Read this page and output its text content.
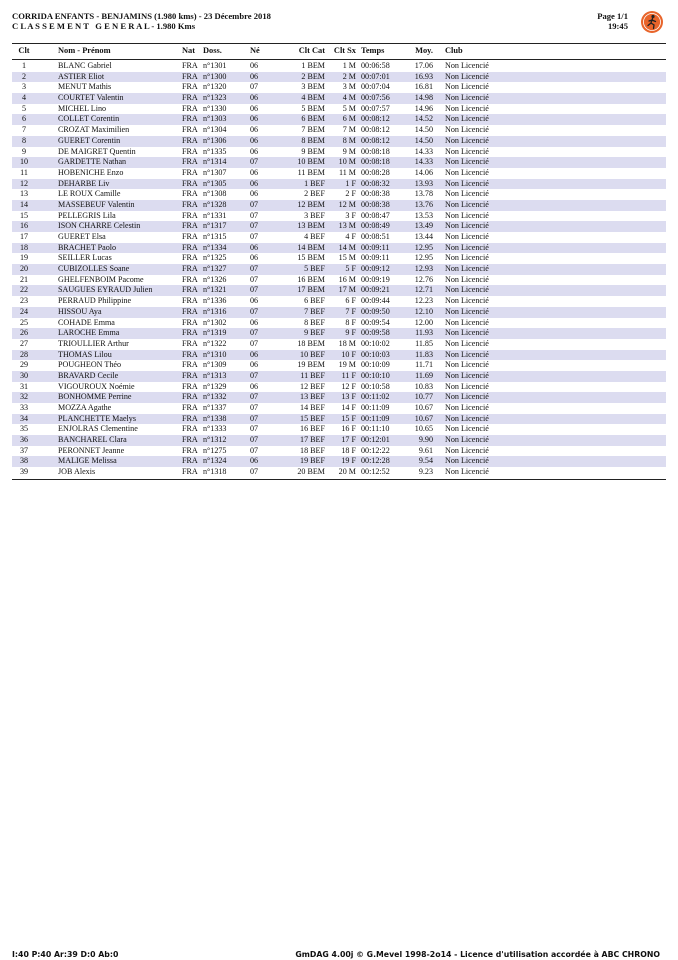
CORRIDA ENFANTS - BENJAMINS (1.980 kms) - 23 Décembre 2018
C L A S S E M E N T   G E N E R A L - 1.980 Kms
Page 1/1
19:45
Clt	Nom - Prénom	Nat Doss.	Né	Clt Cat Clt Sx Temps	Moy. Club
1	BLANC Gabriel	FRA n°1301	06	1 BEM	1 M 00:06:58	17.06 Non Licencié
2	ASTIER Eliot	FRA n°1300	06	2 BEM	2 M 00:07:01	16.93 Non Licencié
3	MENUT Mathis	FRA n°1320	07	3 BEM	3 M 00:07:04	16.81 Non Licencié
4	COURTET Valentin	FRA n°1323	06	4 BEM	4 M 00:07:56	14.98 Non Licencié
5	MICHEL Lino	FRA n°1330	06	5 BEM	5 M 00:07:57	14.96 Non Licencié
6	COLLET Corentin	FRA n°1303	06	6 BEM	6 M 00:08:12	14.52 Non Licencié
7	CROZAT Maximilien	FRA n°1304	06	7 BEM	7 M 00:08:12	14.50 Non Licencié
8	GUERET Corentin	FRA n°1306	06	8 BEM	8 M 00:08:12	14.50 Non Licencié
9	DE MAIGRET Quentin	FRA n°1335	06	9 BEM	9 M 00:08:18	14.33 Non Licencié
10	GARDETTE Nathan	FRA n°1314	07	10 BEM	10 M 00:08:18	14.33 Non Licencié
11	HOBENICHE Enzo	FRA n°1307	06	11 BEM	11 M 00:08:28	14.06 Non Licencié
12	DEHARBE Liv	FRA n°1305	06	1 BEF	1 F 00:08:32	13.93 Non Licencié
13	LE ROUX Camille	FRA n°1308	06	2 BEF	2 F 00:08:38	13.78 Non Licencié
14	MASSEBEUF Valentin	FRA n°1328	07	12 BEM	12 M 00:08:38	13.76 Non Licencié
15	PELLEGRIS Lila	FRA n°1331	07	3 BEF	3 F 00:08:47	13.53 Non Licencié
16	ISON CHARRE Celestin	FRA n°1317	07	13 BEM	13 M 00:08:49	13.49 Non Licencié
17	GUERET Elsa	FRA n°1315	07	4 BEF	4 F 00:08:51	13.44 Non Licencié
18	BRACHET Paolo	FRA n°1334	06	14 BEM	14 M 00:09:11	12.95 Non Licencié
19	SEILLER Lucas	FRA n°1325	06	15 BEM	15 M 00:09:11	12.95 Non Licencié
20	CUBIZOLLES Soane	FRA n°1327	07	5 BEF	5 F 00:09:12	12.93 Non Licencié
21	GHELFENBOIM Pacome	FRA n°1326	07	16 BEM	16 M 00:09:19	12.76 Non Licencié
22	SAUGUES EYRAUD Julien	FRA n°1321	07	17 BEM	17 M 00:09:21	12.71 Non Licencié
23	PERRAUD Philippine	FRA n°1336	06	6 BEF	6 F 00:09:44	12.23 Non Licencié
24	HISSOU Aya	FRA n°1316	07	7 BEF	7 F 00:09:50	12.10 Non Licencié
25	COHADE Emma	FRA n°1302	06	8 BEF	8 F 00:09:54	12.00 Non Licencié
26	LAROCHE Emma	FRA n°1319	07	9 BEF	9 F 00:09:58	11.93 Non Licencié
27	TRIOULLIER Arthur	FRA n°1322	07	18 BEM	18 M 00:10:02	11.85 Non Licencié
28	THOMAS Lilou	FRA n°1310	06	10 BEF	10 F 00:10:03	11.83 Non Licencié
29	POUGHEON Théo	FRA n°1309	06	19 BEM	19 M 00:10:09	11.71 Non Licencié
30	BRAVARD Cecile	FRA n°1313	07	11 BEF	11 F 00:10:10	11.69 Non Licencié
31	VIGOUROUX Noémie	FRA n°1329	06	12 BEF	12 F 00:10:58	10.83 Non Licencié
32	BONHOMME Perrine	FRA n°1332	07	13 BEF	13 F 00:11:02	10.77 Non Licencié
33	MOZZA Agathe	FRA n°1337	07	14 BEF	14 F 00:11:09	10.67 Non Licencié
34	PLANCHETTE Maelys	FRA n°1338	07	15 BEF	15 F 00:11:09	10.67 Non Licencié
35	ENJOLRAS Clementine	FRA n°1333	07	16 BEF	16 F 00:11:10	10.65 Non Licencié
36	BANCHAREL Clara	FRA n°1312	07	17 BEF	17 F 00:12:01	9.90 Non Licencié
37	PERONNET Jeanne	FRA n°1275	07	18 BEF	18 F 00:12:22	9.61 Non Licencié
38	MALIGE Melissa	FRA n°1324	06	19 BEF	19 F 00:12:28	9.54 Non Licencié
39	JOB Alexis	FRA n°1318	07	20 BEM	20 M 00:12:52	9.23 Non Licencié
I:40 P:40 Ar:39 D:0 Ab:0	GmDAG 4.00j © G.Mevel 1998-2o14 - Licence d'utilisation accordée à ABC CHRONO
